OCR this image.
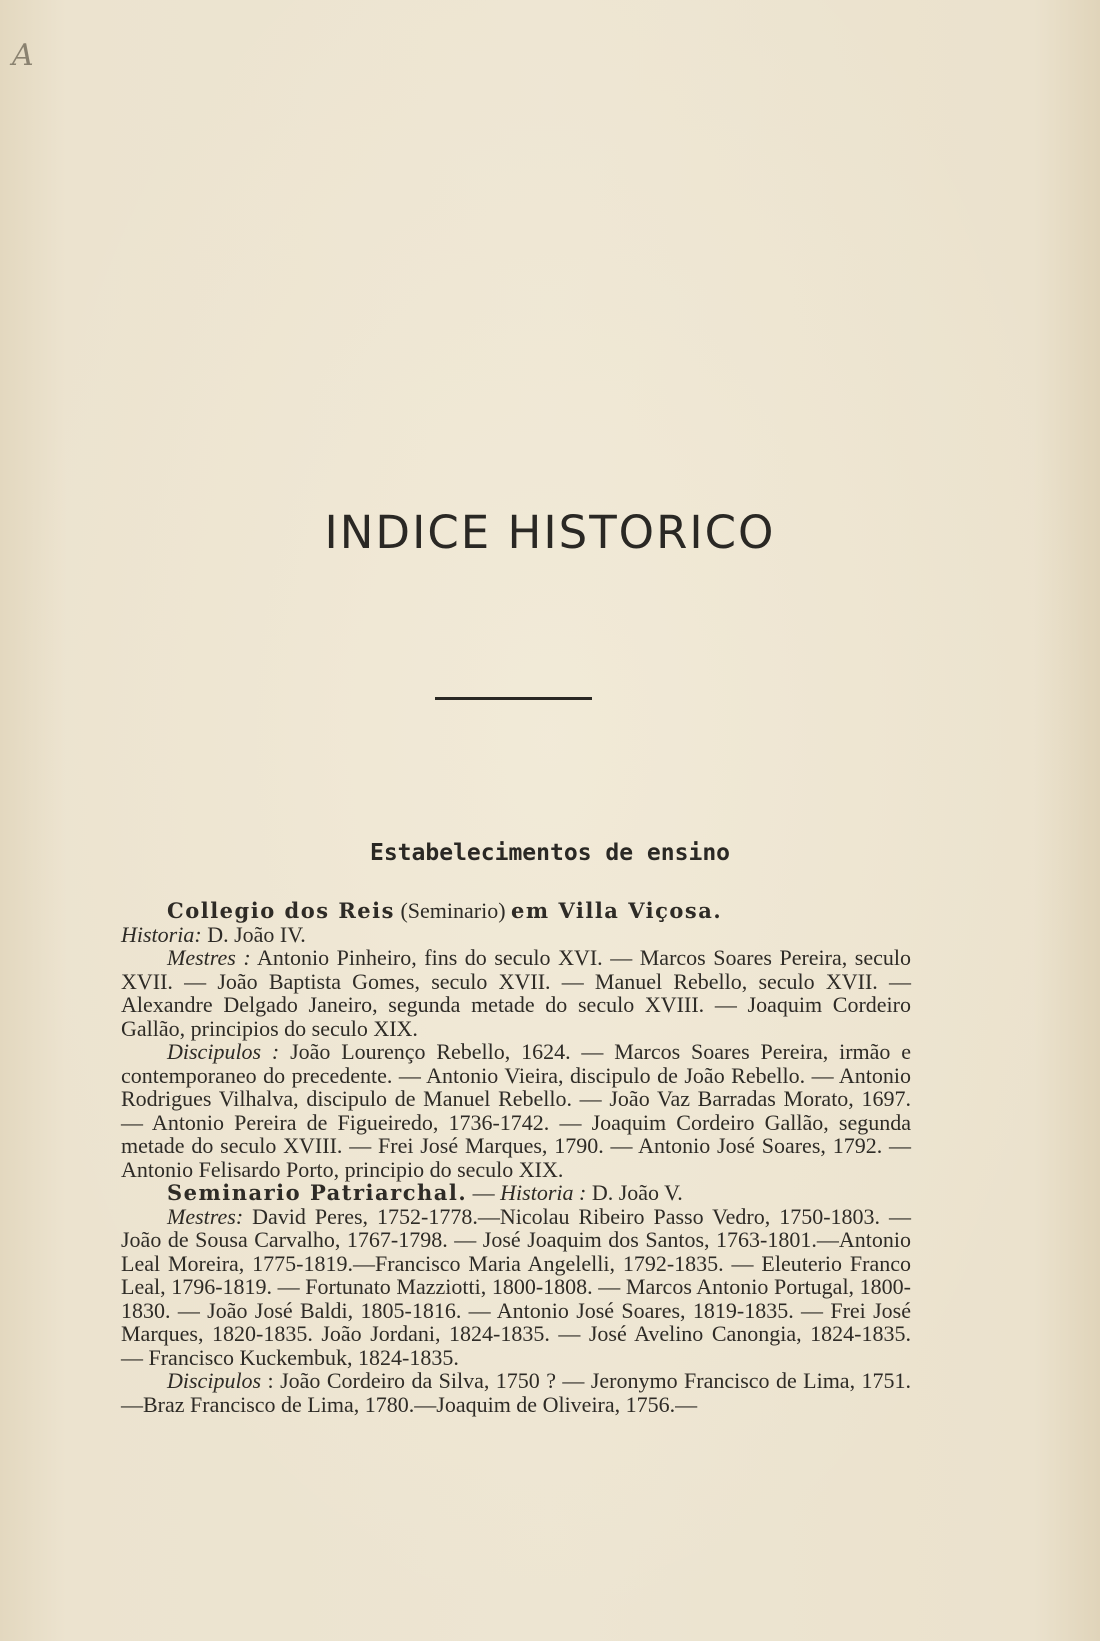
A
INDICE HISTORICO
Estabelecimentos de ensino

Collegio dos Reis (Seminario) em Villa Viçosa.

Historia: D. João IV.

Mestres : Antonio Pinheiro, fins do seculo XVI. — Marcos Soares Pereira, seculo XVII. — João Baptista Gomes, seculo XVII. — Manuel Rebello, seculo XVII. — Alexandre Delgado Janeiro, segunda metade do seculo XVIII. — Joaquim Cordeiro Gallão, principios do seculo XIX.

Discipulos : João Lourenço Rebello, 1624. — Marcos Soares Pereira, irmão e contemporaneo do precedente. — Antonio Vieira, discipulo de João Rebello. — Antonio Rodrigues Vilhalva, discipulo de Manuel Rebello. — João Vaz Barradas Morato, 1697. — Antonio Pereira de Figueiredo, 1736-1742. — Joaquim Cordeiro Gallão, segunda metade do seculo XVIII. — Frei José Marques, 1790. — Antonio José Soares, 1792. — Antonio Felisardo Porto, principio do seculo XIX.

Seminario Patriarchal. — Historia : D. João V.

Mestres: David Peres, 1752-1778.—Nicolau Ribeiro Passo Vedro, 1750-1803. — João de Sousa Carvalho, 1767-1798. — José Joaquim dos Santos, 1763-1801.—Antonio Leal Moreira, 1775-1819.—Francisco Maria Angelelli, 1792-1835. — Eleuterio Franco Leal, 1796-1819. — Fortunato Mazziotti, 1800-1808. — Marcos Antonio Portugal, 1800-1830. — João José Baldi, 1805-1816. — Antonio José Soares, 1819-1835. — Frei José Marques, 1820-1835. João Jordani, 1824-1835. — José Avelino Canongia, 1824-1835. — Francisco Kuckembuk, 1824-1835.

Discipulos : João Cordeiro da Silva, 1750 ? — Jeronymo Francisco de Lima, 1751.—Braz Francisco de Lima, 1780.—Joaquim de Oliveira, 1756.—
